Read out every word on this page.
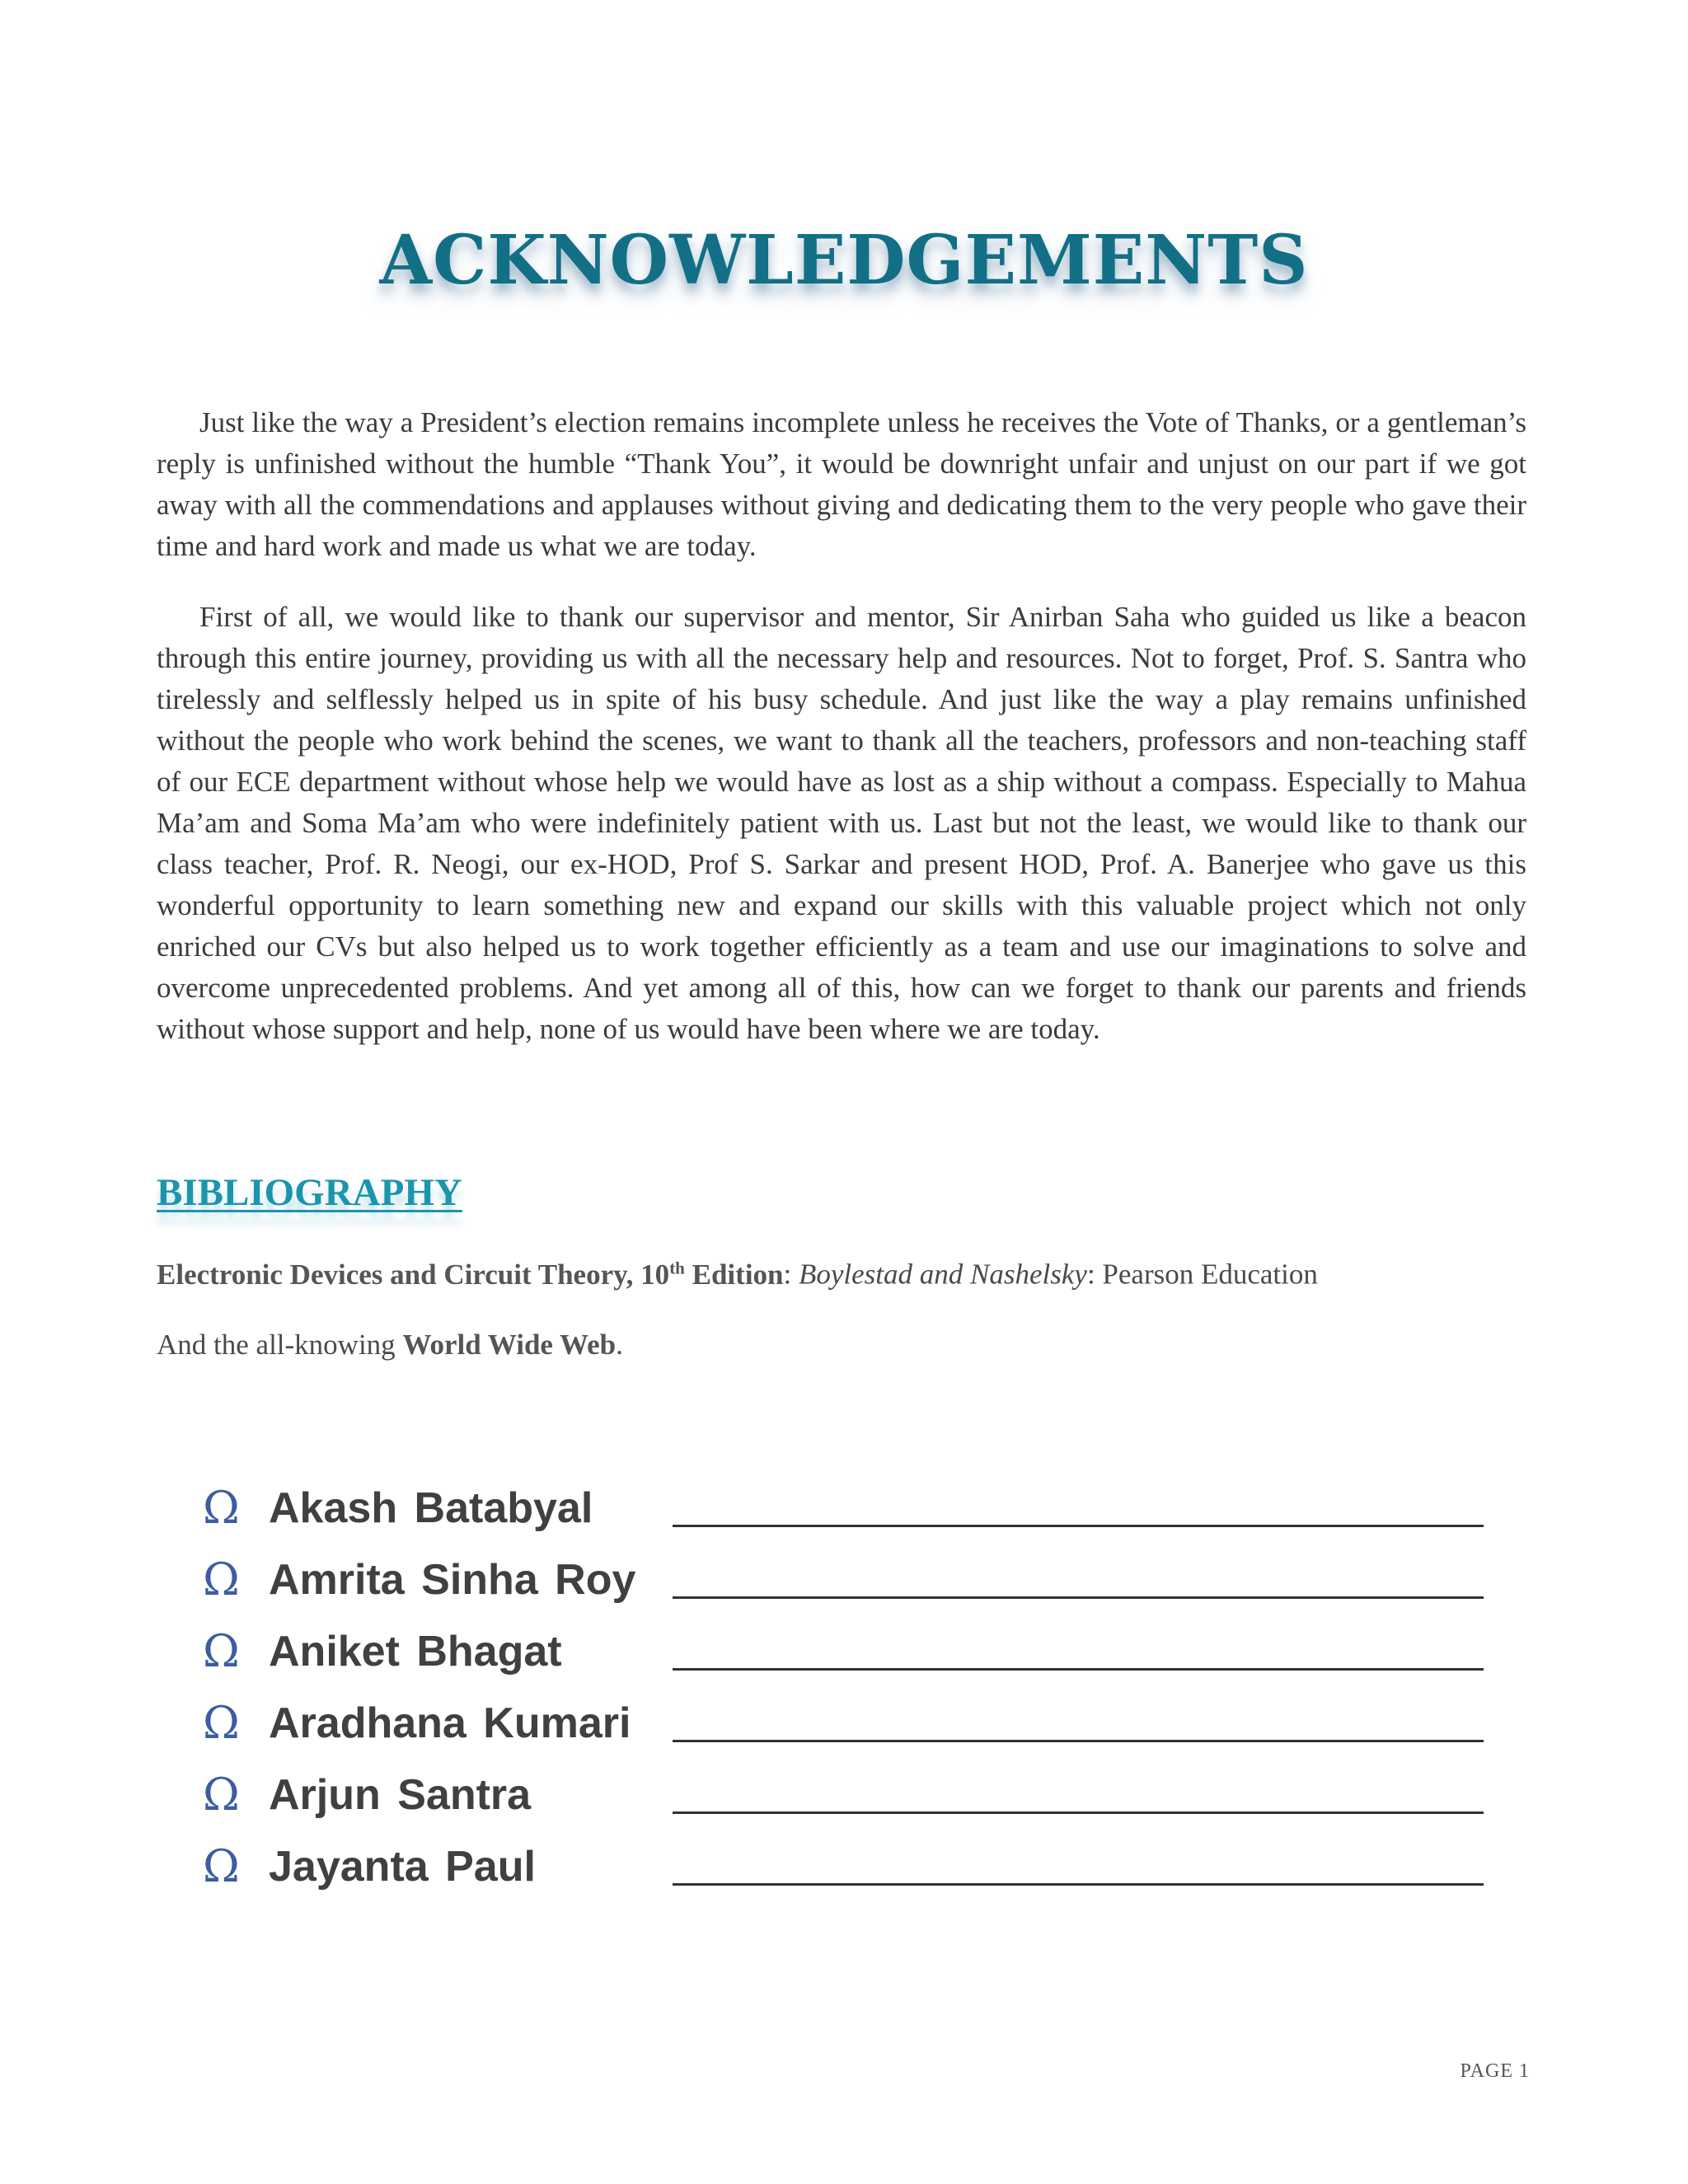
ACKNOWLEDGEMENTS

Just like the way a President’s election remains incomplete unless he receives the Vote of Thanks, or a gentleman’s reply is unfinished without the humble “Thank You”, it would be downright unfair and unjust on our part if we got away with all the commendations and applauses without giving and dedicating them to the very people who gave their time and hard work and made us what we are today.

First of all, we would like to thank our supervisor and mentor, Sir Anirban Saha who guided us like a beacon through this entire journey, providing us with all the necessary help and resources. Not to forget, Prof. S. Santra who tirelessly and selflessly helped us in spite of his busy schedule. And just like the way a play remains unfinished without the people who work behind the scenes, we want to thank all the teachers, professors and non-teaching staff of our ECE department without whose help we would have as lost as a ship without a compass. Especially to Mahua Ma’am and Soma Ma’am who were indefinitely patient with us. Last but not the least, we would like to thank our class teacher, Prof. R. Neogi, our ex-HOD, Prof S. Sarkar and present HOD, Prof. A. Banerjee who gave us this wonderful opportunity to learn something new and expand our skills with this valuable project which not only enriched our CVs but also helped us to work together efficiently as a team and use our imaginations to solve and overcome unprecedented problems. And yet among all of this, how can we forget to thank our parents and friends without whose support and help, none of us would have been where we are today.

BIBLIOGRAPHY
Electronic Devices and Circuit Theory, 10th Edition: Boylestad and Nashelsky: Pearson Education
And the all-knowing World Wide Web.
Ω Akash Batabyal
Ω Amrita Sinha Roy
Ω Aniket Bhagat
Ω Aradhana Kumari
Ω Arjun Santra
Ω Jayanta Paul
PAGE 1
